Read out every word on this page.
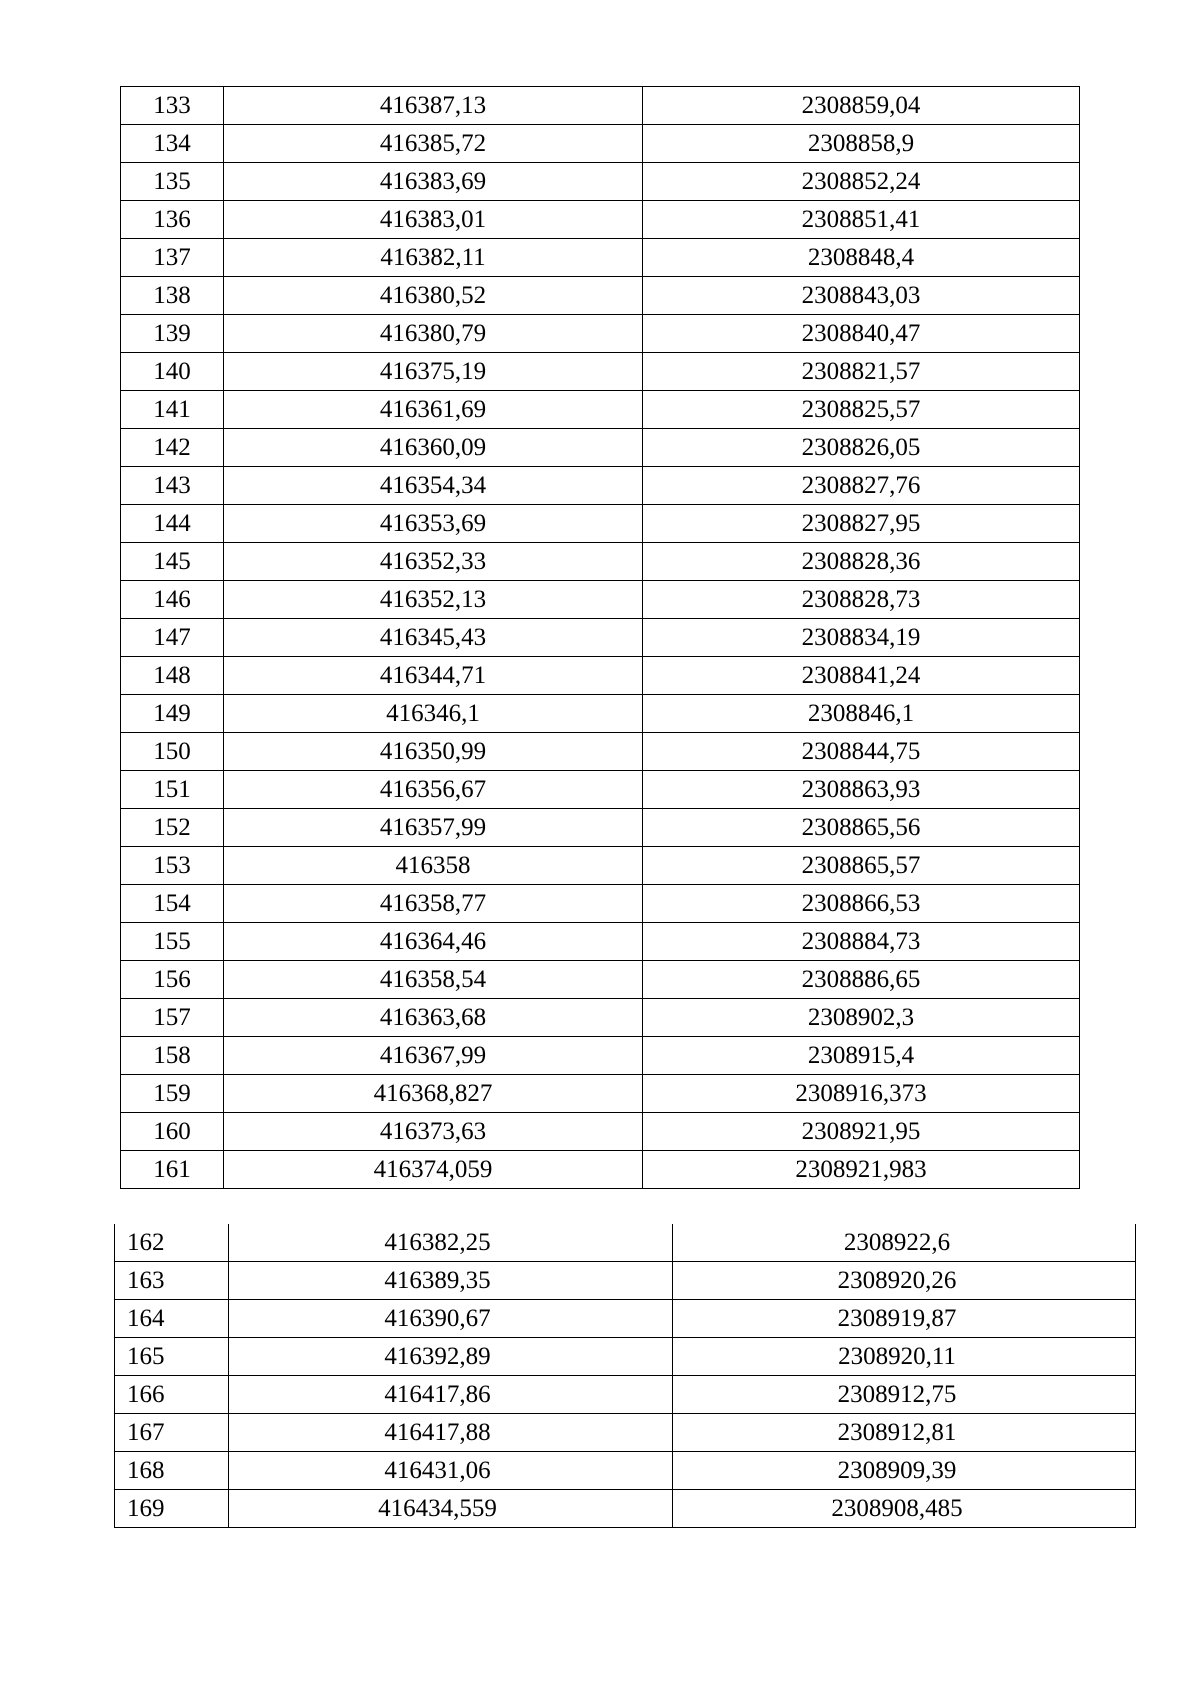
133	416387,13	2308859,04
134	416385,72	2308858,9
135	416383,69	2308852,24
136	416383,01	2308851,41
137	416382,11	2308848,4
138	416380,52	2308843,03
139	416380,79	2308840,47
140	416375,19	2308821,57
141	416361,69	2308825,57
142	416360,09	2308826,05
143	416354,34	2308827,76
144	416353,69	2308827,95
145	416352,33	2308828,36
146	416352,13	2308828,73
147	416345,43	2308834,19
148	416344,71	2308841,24
149	416346,1	2308846,1
150	416350,99	2308844,75
151	416356,67	2308863,93
152	416357,99	2308865,56
153	416358	2308865,57
154	416358,77	2308866,53
155	416364,46	2308884,73
156	416358,54	2308886,65
157	416363,68	2308902,3
158	416367,99	2308915,4
159	416368,827	2308916,373
160	416373,63	2308921,95
161	416374,059	2308921,983
162	416382,25	2308922,6
163	416389,35	2308920,26
164	416390,67	2308919,87
165	416392,89	2308920,11
166	416417,86	2308912,75
167	416417,88	2308912,81
168	416431,06	2308909,39
169	416434,559	2308908,485
